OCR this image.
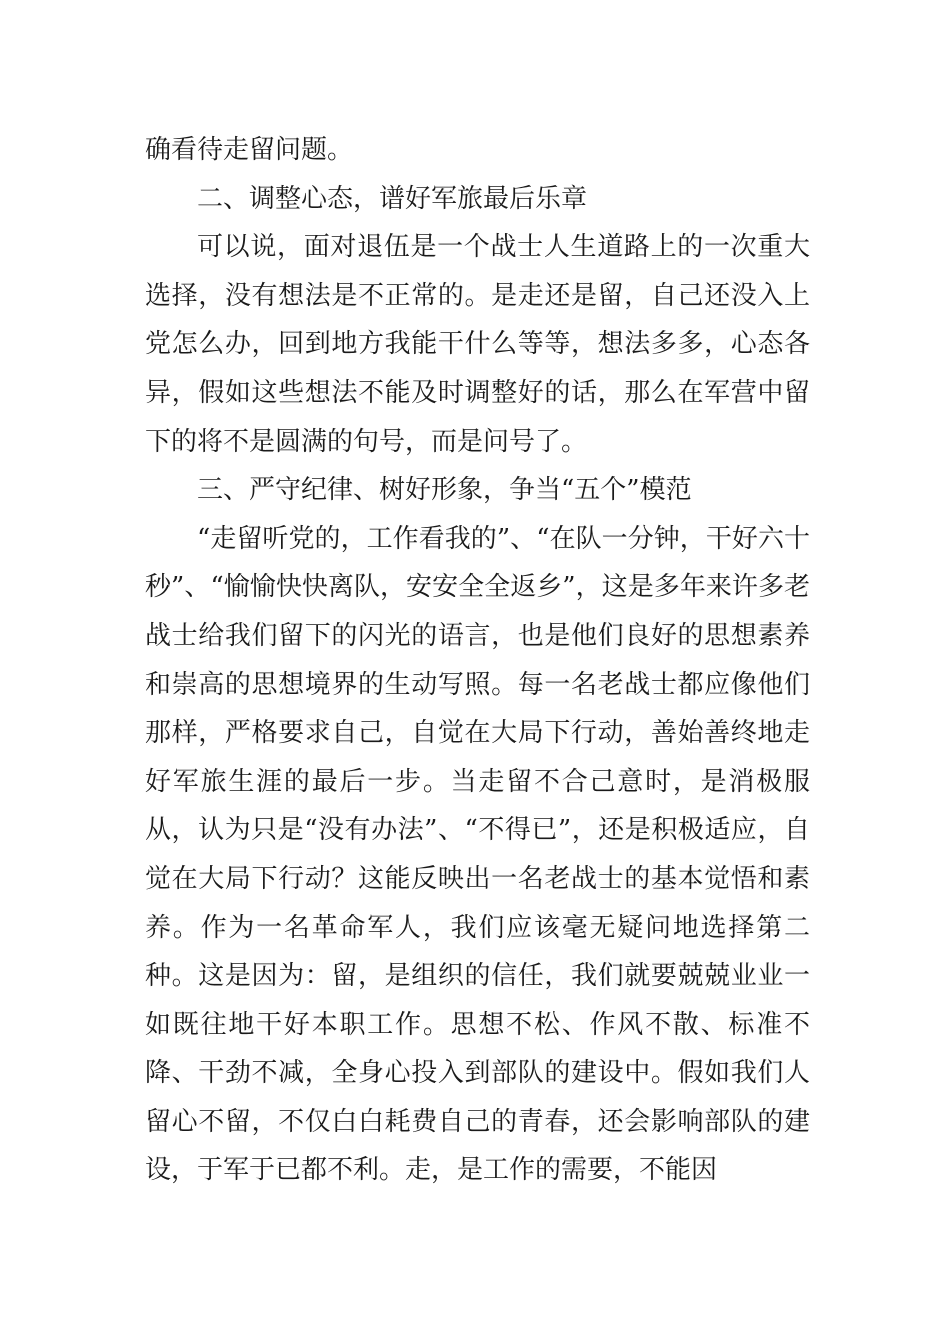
确看待走留问题。

二、调整心态，谱好军旅最后乐章

可以说，面对退伍是一个战士人生道路上的一次重大选择，没有想法是不正常的。是走还是留，自己还没入上党怎么办，回到地方我能干什么等等，想法多多，心态各异，假如这些想法不能及时调整好的话，那么在军营中留下的将不是圆满的句号，而是问号了。

三、严守纪律、树好形象，争当“五个”模范

“走留听党的，工作看我的”、“在队一分钟，干好六十秒”、“愉愉快快离队，安安全全返乡”，这是多年来许多老战士给我们留下的闪光的语言，也是他们良好的思想素养和崇高的思想境界的生动写照。每一名老战士都应像他们那样，严格要求自己，自觉在大局下行动，善始善终地走好军旅生涯的最后一步。当走留不合己意时，是消极服从，认为只是“没有办法”、“不得已”，还是积极适应，自觉在大局下行动？这能反映出一名老战士的基本觉悟和素养。作为一名革命军人，我们应该毫无疑问地选择第二种。这是因为：留，是组织的信任，我们就要兢兢业业一如既往地干好本职工作。思想不松、作风不散、标准不降、干劲不减，全身心投入到部队的建设中。假如我们人留心不留，不仅白白耗费自己的青春，还会影响部队的建设，于军于已都不利。走，是工作的需要，不能因
